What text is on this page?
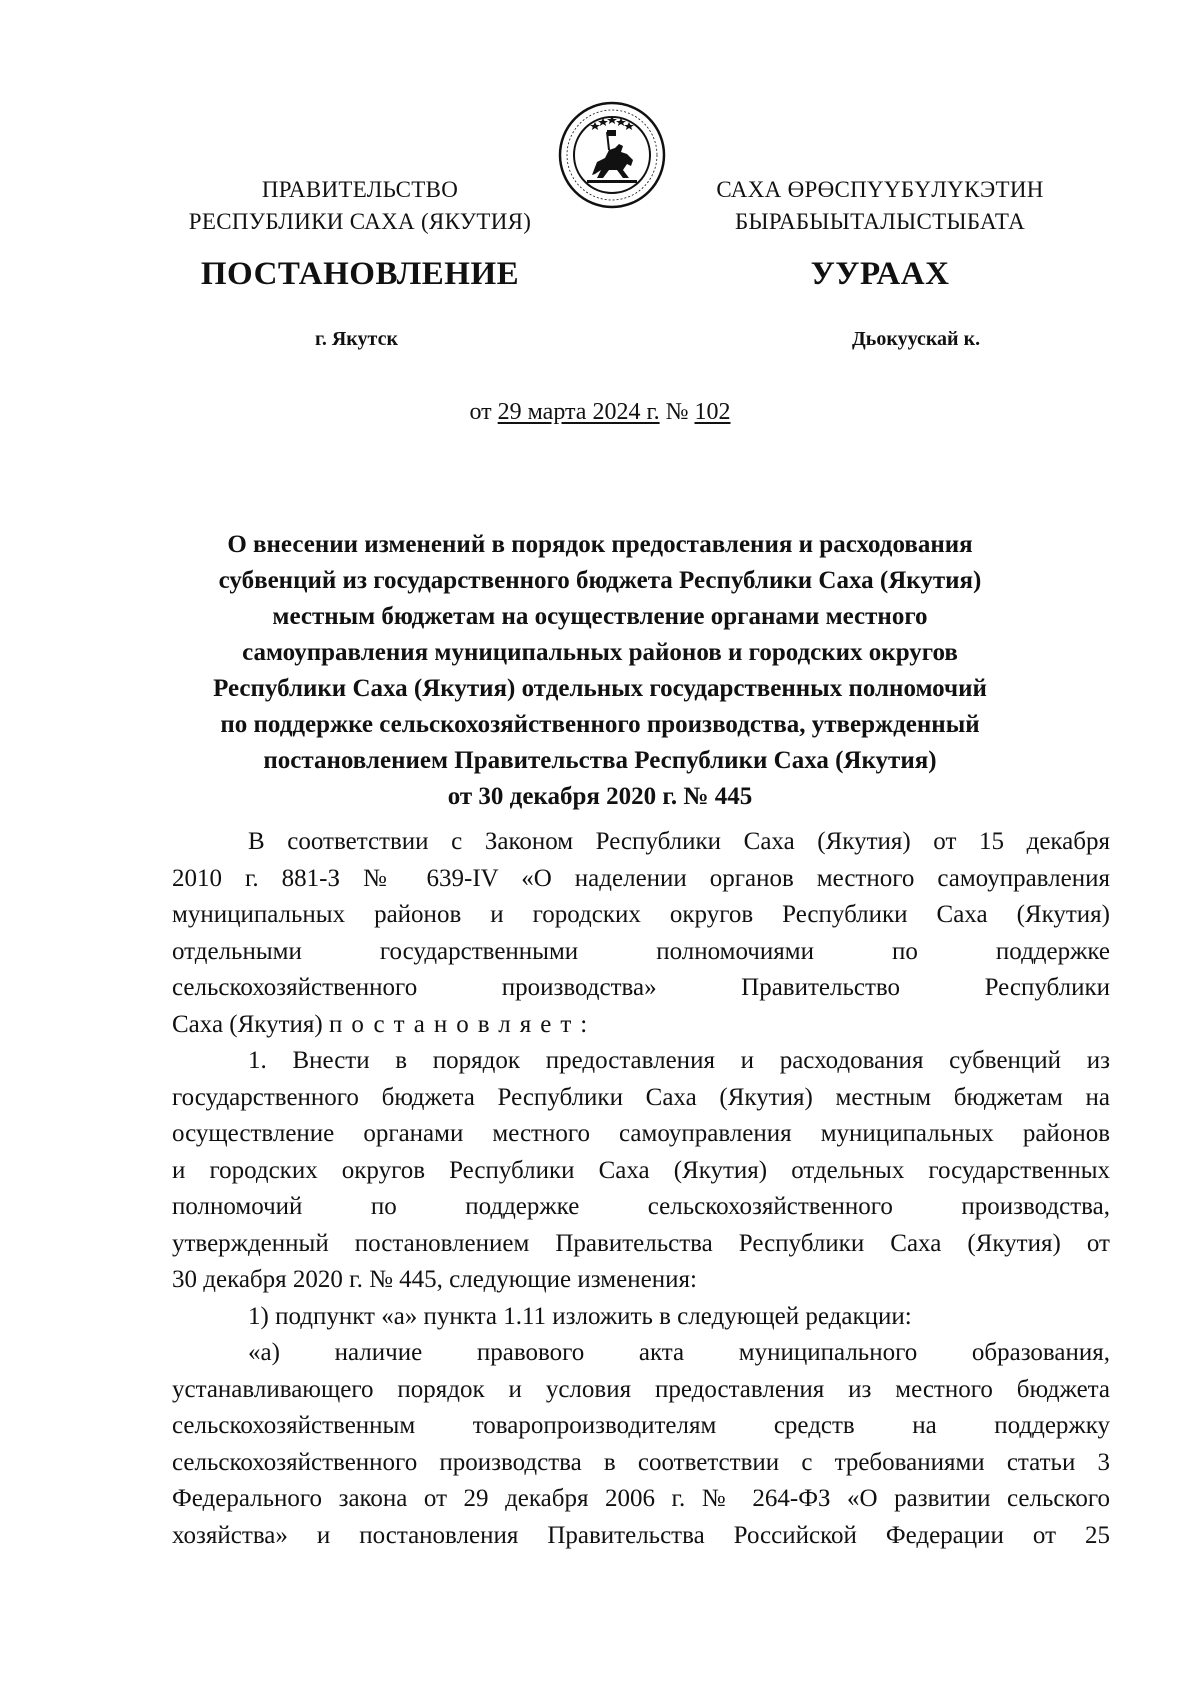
ПРАВИТЕЛЬСТВО
РЕСПУБЛИКИ САХА (ЯКУТИЯ)
САХА ӨРӨСПҮҮБҮЛҮКЭТИН
БЫРАБЫЫТАЛЫСТЫБАТА
ПОСТАНОВЛЕНИЕ	УУРААХ
г. Якутск	Дьокуускай к.
от 29 марта 2024 г. № 102
О внесении изменений в порядок предоставления и расходования
субвенций из государственного бюджета Республики Саха (Якутия)
местным бюджетам на осуществление органами местного
самоуправления муниципальных районов и городских округов
Республики Саха (Якутия) отдельных государственных полномочий
по поддержке сельскохозяйственного производства, утвержденный
постановлением Правительства Республики Саха (Якутия)
от 30 декабря 2020 г. № 445
В соответствии с Законом Республики Саха (Якутия) от 15 декабря
2010 г. 881-З № 639-IV «О наделении органов местного самоуправления
муниципальных районов и городских округов Республики Саха (Якутия)
отдельными государственными полномочиями по поддержке
сельскохозяйственного производства» Правительство Республики
Саха (Якутия) постановляет:
1. Внести в порядок предоставления и расходования субвенций из
государственного бюджета Республики Саха (Якутия) местным бюджетам на
осуществление органами местного самоуправления муниципальных районов
и городских округов Республики Саха (Якутия) отдельных государственных
полномочий по поддержке сельскохозяйственного производства,
утвержденный постановлением Правительства Республики Саха (Якутия) от
30 декабря 2020 г. № 445, следующие изменения:
1) подпункт «а» пункта 1.11 изложить в следующей редакции:
«а) наличие правового акта муниципального образования,
устанавливающего порядок и условия предоставления из местного бюджета
сельскохозяйственным товаропроизводителям средств на поддержку
сельскохозяйственного производства в соответствии с требованиями статьи 3
Федерального закона от 29 декабря 2006 г. № 264-ФЗ «О развитии сельского
хозяйства» и постановления Правительства Российской Федерации от 25
